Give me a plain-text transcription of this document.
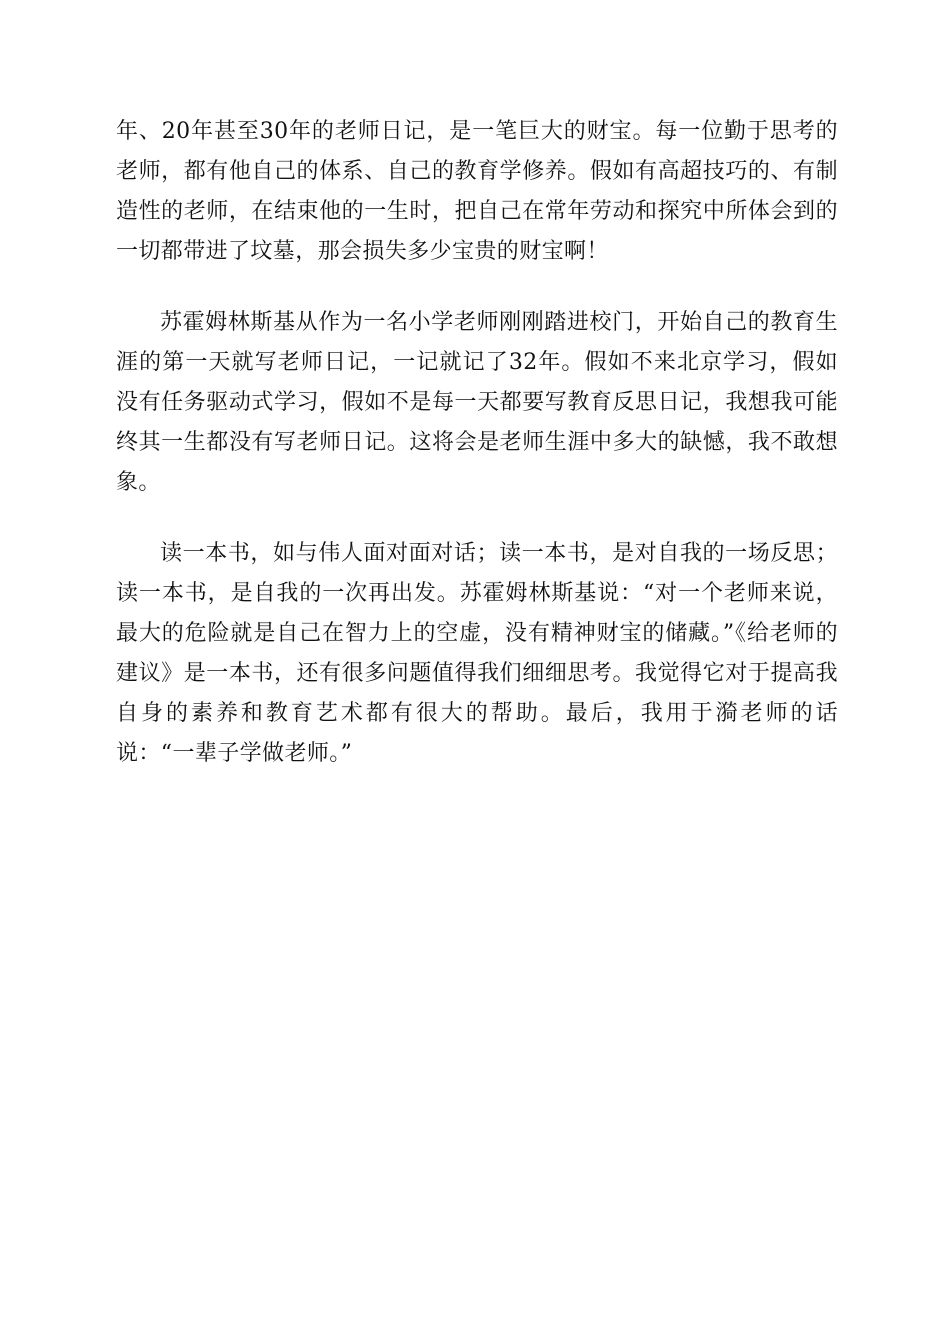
年、20年甚至30年的老师日记，是一笔巨大的财宝。每一位勤于思考的老师，都有他自己的体系、自己的教育学修养。假如有高超技巧的、有制造性的老师，在结束他的一生时，把自己在常年劳动和探究中所体会到的一切都带进了坟墓，那会损失多少宝贵的财宝啊！

苏霍姆林斯基从作为一名小学老师刚刚踏进校门，开始自己的教育生涯的第一天就写老师日记，一记就记了32年。假如不来北京学习，假如没有任务驱动式学习，假如不是每一天都要写教育反思日记，我想我可能终其一生都没有写老师日记。这将会是老师生涯中多大的缺憾，我不敢想象。

读一本书，如与伟人面对面对话；读一本书，是对自我的一场反思；读一本书，是自我的一次再出发。苏霍姆林斯基说：“对一个老师来说，最大的危险就是自己在智力上的空虚，没有精神财宝的储藏。”《给老师的建议》是一本书，还有很多问题值得我们细细思考。我觉得它对于提高我自身的素养和教育艺术都有很大的帮助。最后，我用于漪老师的话说：“一辈子学做老师。”
